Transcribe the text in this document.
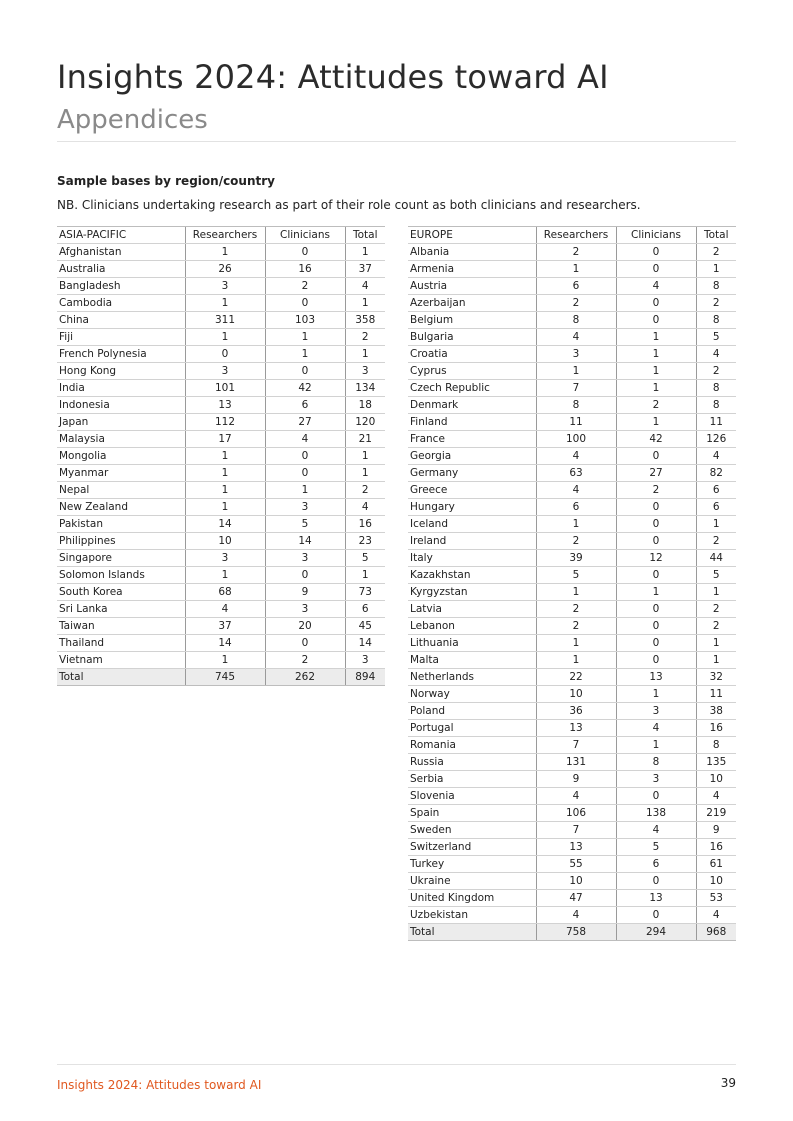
Insights 2024: Attitudes toward AI
Appendices
Sample bases by region/country
NB. Clinicians undertaking research as part of their role count as both clinicians and researchers.
ASIA-PACIFIC	Researchers	Clinicians	Total
Afghanistan	1	0	1
Australia	26	16	37
Bangladesh	3	2	4
Cambodia	1	0	1
China	311	103	358
Fiji	1	1	2
French Polynesia	0	1	1
Hong Kong	3	0	3
India	101	42	134
Indonesia	13	6	18
Japan	112	27	120
Malaysia	17	4	21
Mongolia	1	0	1
Myanmar	1	0	1
Nepal	1	1	2
New Zealand	1	3	4
Pakistan	14	5	16
Philippines	10	14	23
Singapore	3	3	5
Solomon Islands	1	0	1
South Korea	68	9	73
Sri Lanka	4	3	6
Taiwan	37	20	45
Thailand	14	0	14
Vietnam	1	2	3
Total	745	262	894
EUROPE	Researchers	Clinicians	Total
Albania	2	0	2
Armenia	1	0	1
Austria	6	4	8
Azerbaijan	2	0	2
Belgium	8	0	8
Bulgaria	4	1	5
Croatia	3	1	4
Cyprus	1	1	2
Czech Republic	7	1	8
Denmark	8	2	8
Finland	11	1	11
France	100	42	126
Georgia	4	0	4
Germany	63	27	82
Greece	4	2	6
Hungary	6	0	6
Iceland	1	0	1
Ireland	2	0	2
Italy	39	12	44
Kazakhstan	5	0	5
Kyrgyzstan	1	1	1
Latvia	2	0	2
Lebanon	2	0	2
Lithuania	1	0	1
Malta	1	0	1
Netherlands	22	13	32
Norway	10	1	11
Poland	36	3	38
Portugal	13	4	16
Romania	7	1	8
Russia	131	8	135
Serbia	9	3	10
Slovenia	4	0	4
Spain	106	138	219
Sweden	7	4	9
Switzerland	13	5	16
Turkey	55	6	61
Ukraine	10	0	10
United Kingdom	47	13	53
Uzbekistan	4	0	4
Total	758	294	968
Insights 2024: Attitudes toward AI	39
